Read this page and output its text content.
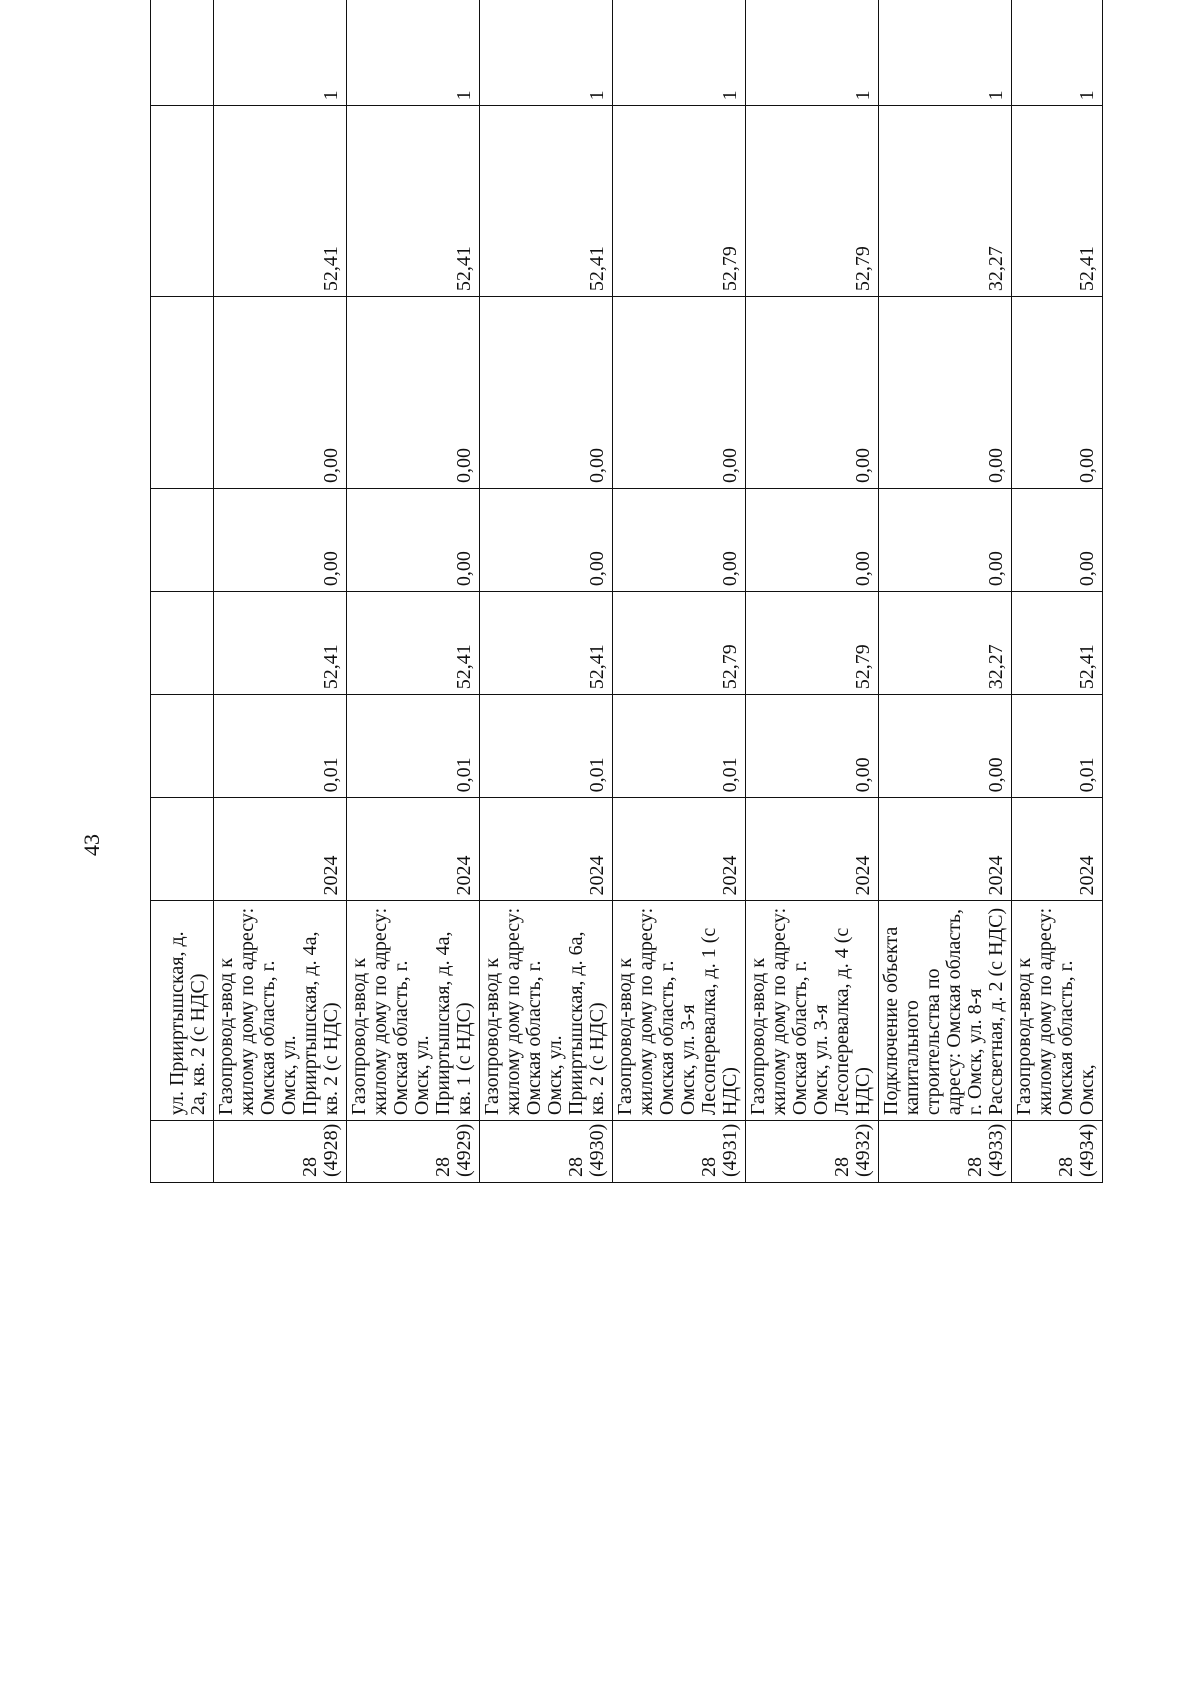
43
	ул. Прииртышская, д. 2а, кв. 2 (с НДС)									
28 (4928)	Газопровод-ввод к жилому дому по адресу: Омская область, г. Омск, ул. Прииртышская, д. 4а, кв. 2 (с НДС)	2024	0,01	52,41	0,00	0,00	52,41	1		
28 (4929)	Газопровод-ввод к жилому дому по адресу: Омская область, г. Омск, ул. Прииртышская, д. 4а, кв. 1 (с НДС)	2024	0,01	52,41	0,00	0,00	52,41	1		
28 (4930)	Газопровод-ввод к жилому дому по адресу: Омская область, г. Омск, ул. Прииртышская, д. 6а, кв. 2 (с НДС)	2024	0,01	52,41	0,00	0,00	52,41	1		
28 (4931)	Газопровод-ввод к жилому дому по адресу: Омская область, г. Омск, ул. 3-я Лесоперевалка, д. 1 (с НДС)	2024	0,01	52,79	0,00	0,00	52,79	1		
28 (4932)	Газопровод-ввод к жилому дому по адресу: Омская область, г. Омск, ул. 3-я Лесоперевалка, д. 4 (с НДС)	2024	0,00	52,79	0,00	0,00	52,79	1		
28 (4933)	Подключение объекта капитального строительства по адресу: Омская область, г. Омск, ул. 8-я Рассветная, д. 2 (с НДС)	2024	0,00	32,27	0,00	0,00	32,27	1		
28 (4934)	Газопровод-ввод к жилому дому по адресу: Омская область, г. Омск,	2024	0,01	52,41	0,00	0,00	52,41	1		
